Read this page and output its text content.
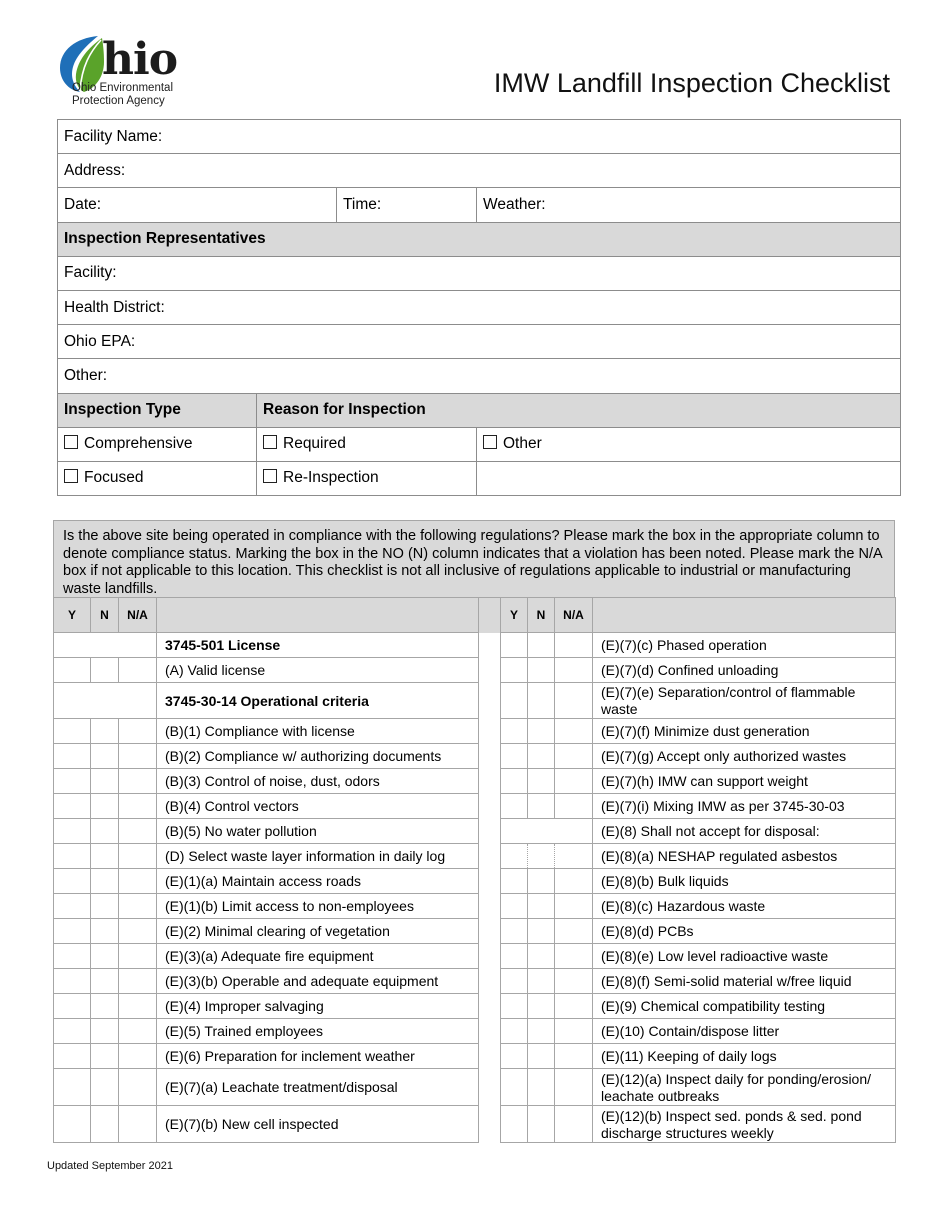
hio
Ohio Environmental
Protection Agency
IMW Landfill Inspection Checklist
Facility Name:			
Address:			
Date:		Time:	Weather:
Inspection Representatives			
Facility:			
Health District:			
Ohio EPA:			
Other:			
Inspection Type	Reason for Inspection		
Comprehensive	Required		Other
Focused	Re-Inspection		
Is the above site being operated in compliance with the following regulations? Please mark the box in the appropriate column to denote compliance status. Marking the box in the NO (N) column indicates that a violation has been noted. Please mark the N/A box if not applicable to this location. This checklist is not all inclusive of regulations applicable to industrial or manufacturing waste landfills.
Y	N	N/A			Y	N	N/A	
			3745-501 License					(E)(7)(c) Phased operation
			(A) Valid license					(E)(7)(d) Confined unloading
			3745-30-14 Operational criteria					(E)(7)(e) Separation/control of flammable waste
			(B)(1) Compliance with license					(E)(7)(f) Minimize dust generation
			(B)(2) Compliance w/ authorizing documents					(E)(7)(g) Accept only authorized wastes
			(B)(3) Control of noise, dust, odors					(E)(7)(h) IMW can support weight
			(B)(4) Control vectors					(E)(7)(i) Mixing IMW as per 3745-30-03
			(B)(5) No water pollution					(E)(8) Shall not accept for disposal:
			(D) Select waste layer information in daily log					(E)(8)(a) NESHAP regulated asbestos
			(E)(1)(a) Maintain access roads					(E)(8)(b) Bulk liquids
			(E)(1)(b) Limit access to non-employees					(E)(8)(c) Hazardous waste
			(E)(2) Minimal clearing of vegetation					(E)(8)(d) PCBs
			(E)(3)(a) Adequate fire equipment					(E)(8)(e) Low level radioactive waste
			(E)(3)(b) Operable and adequate equipment					(E)(8)(f) Semi-solid material w/free liquid
			(E)(4) Improper salvaging					(E)(9) Chemical compatibility testing
			(E)(5) Trained employees					(E)(10) Contain/dispose litter
			(E)(6) Preparation for inclement weather					(E)(11) Keeping of daily logs
			(E)(7)(a) Leachate treatment/disposal					(E)(12)(a) Inspect daily for ponding/erosion/ leachate outbreaks
			(E)(7)(b) New cell inspected					(E)(12)(b) Inspect sed. ponds & sed. pond discharge structures weekly
Updated September 2021
